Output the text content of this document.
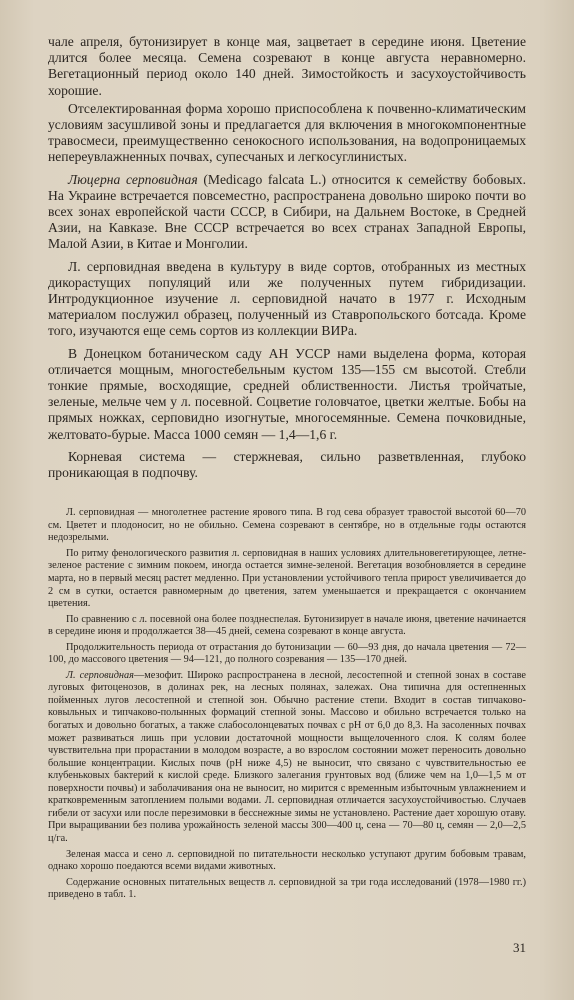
чале апреля, бутонизирует в конце мая, зацветает в середине июня. Цветение длится более месяца. Семена созревают в конце августа неравномерно. Вегетационный период около 140 дней. Зимостойкость и засухоустойчивость хорошие.

Отселектированная форма хорошо приспособлена к почвенно-климатическим условиям засушливой зоны и предлагается для включения в многокомпонентные травосмеси, преимущественно сенокосного использования, на водопроницаемых непереувлажненных почвах, супесчаных и легкосуглинистых.

Люцерна серповидная (Medicago falcata L.) относится к семейству бобовых. На Украине встречается повсеместно, распространена довольно широко почти во всех зонах европейской части СССР, в Сибири, на Дальнем Востоке, в Средней Азии, на Кавказе. Вне СССР встречается во всех странах Западной Европы, Малой Азии, в Китае и Монголии.

Л. серповидная введена в культуру в виде сортов, отобранных из местных дикорастущих популяций или же полученных путем гибридизации. Интродукционное изучение л. серповидной начато в 1977 г. Исходным материалом послужил образец, полученный из Ставропольского ботсада. Кроме того, изучаются еще семь сортов из коллекции ВИРа.

В Донецком ботаническом саду АН УССР нами выделена форма, которая отличается мощным, многостебельным кустом 135—155 см высотой. Стебли тонкие прямые, восходящие, средней облиственности. Листья тройчатые, зеленые, мельче чем у л. посевной. Соцветие головчатое, цветки желтые. Бобы на прямых ножках, серповидно изогнутые, многосемянные. Семена почковидные, желтовато-бурые. Масса 1000 семян — 1,4—1,6 г.

Корневая система — стержневая, сильно разветвленная, глубоко проникающая в подпочву.

Л. серповидная — многолетнее растение ярового типа. В год сева образует травостой высотой 60—70 см. Цветет и плодоносит, но не обильно. Семена созревают в сентябре, но в отдельные годы остаются недозрелыми.

По ритму фенологического развития л. серповидная в наших условиях длительновегетирующее, летне-зеленое растение с зимним покоем, иногда остается зимне-зеленой. Вегетация возобновляется в середине марта, но в первый месяц растет медленно. При установлении устойчивого тепла прирост увеличивается до 2 см в сутки, остается равномерным до цветения, затем уменьшается и прекращается с окончанием цветения.

По сравнению с л. посевной она более позднеспелая. Бутонизирует в начале июня, цветение начинается в середине июня и продолжается 38—45 дней, семена созревают в конце августа.

Продолжительность периода от отрастания до бутонизации — 60—93 дня, до начала цветения — 72—100, до массового цветения — 94—121, до полного созревания — 135—170 дней.

Л. серповидная—мезофит. Широко распространена в лесной, лесостепной и степной зонах в составе луговых фитоценозов, в долинах рек, на лесных полянах, залежах. Она типична для остепненных пойменных лугов лесостепной и степной зон. Обычно растение степи. Входит в состав типчаково-ковыльных и типчаково-полынных формаций степной зоны. Массово и обильно встречается только на богатых и довольно богатых, а также слабосолонцеватых почвах с pH от 6,0 до 8,3. На засоленных почвах может развиваться лишь при условии достаточной мощности выщелоченного слоя. К солям более чувствительна при прорастании в молодом возрасте, а во взрослом состоянии может переносить довольно большие концентрации. Кислых почв (pH ниже 4,5) не выносит, что связано с чувствительностью ее клубеньковых бактерий к кислой среде. Близкого залегания грунтовых вод (ближе чем на 1,0—1,5 м от поверхности почвы) и заболачивания она не выносит, но мирится с временным избыточным увлажнением и кратковременным затоплением полыми водами. Л. серповидная отличается засухоустойчивостью. Случаев гибели от засухи или после перезимовки в бесснежные зимы не установлено. Растение дает хорошую отаву. При выращивании без полива урожайность зеленой массы 300—400 ц, сена — 70—80 ц, семян — 2,0—2,5 ц/га.

Зеленая масса и сено л. серповидной по питательности несколько уступают другим бобовым травам, однако хорошо поедаются всеми видами животных.

Содержание основных питательных веществ л. серповидной за три года исследований (1978—1980 гг.) приведено в табл. 1.

31
